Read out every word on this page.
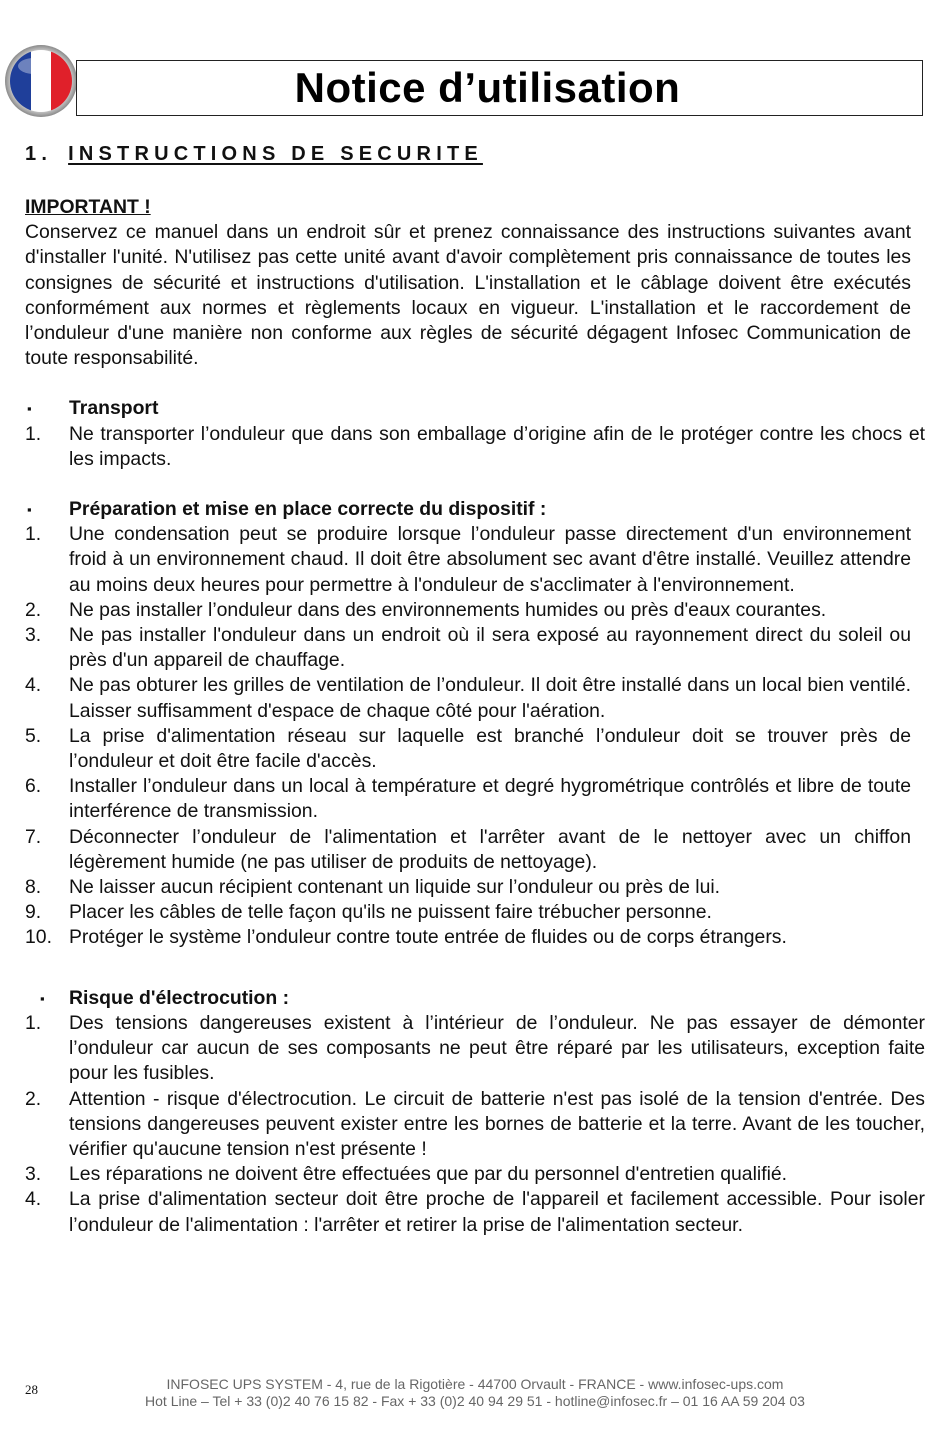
Notice d’utilisation
1. INSTRUCTIONS DE SECURITE

IMPORTANT !

Conservez ce manuel dans un endroit sûr et prenez connaissance des instructions suivantes avant d'installer l'unité. N'utilisez pas cette unité avant d'avoir complètement pris connaissance de toutes les consignes de sécurité et instructions d'utilisation. L'installation et le câblage doivent être exécutés conformément aux normes et règlements locaux en vigueur. L'installation et le raccordement de l’onduleur d'une manière non conforme aux règles de sécurité dégagent Infosec Communication de toute responsabilité.

▪	Transport

1.	Ne transporter l’onduleur que dans son emballage d’origine afin de le protéger contre les chocs et les impacts.

▪	Préparation et mise en place correcte du dispositif :

1.	Une condensation peut se produire lorsque l’onduleur passe directement d'un environnement froid à un environnement chaud. Il doit être absolument sec avant d'être installé. Veuillez attendre au moins deux heures pour permettre à l'onduleur de s'acclimater à l'environnement.
2.	Ne pas installer l’onduleur dans des environnements humides ou près d'eaux courantes.
3.	Ne pas installer l'onduleur dans un endroit où il sera exposé au rayonnement direct du soleil ou près d'un appareil de chauffage.
4.	Ne pas obturer les grilles de ventilation de l’onduleur. Il doit être installé dans un local bien ventilé. Laisser suffisamment d'espace de chaque côté pour l'aération.
5.	La prise d'alimentation réseau sur laquelle est branché l’onduleur doit se trouver près de l’onduleur et doit être facile d'accès.
6.	Installer l’onduleur dans un local à température et degré hygrométrique contrôlés et libre de toute interférence de transmission.
7.	Déconnecter l’onduleur de l'alimentation et l'arrêter avant de le nettoyer avec un chiffon légèrement humide (ne pas utiliser de produits de nettoyage).
8.	Ne laisser aucun récipient contenant un liquide sur l’onduleur ou près de lui.
9.	Placer les câbles de telle façon qu'ils ne puissent faire trébucher personne.
10. Protéger le système l’onduleur contre toute entrée de fluides ou de corps étrangers.

▪	Risque d'électrocution :

1.	Des tensions dangereuses existent à l’intérieur de l’onduleur. Ne pas essayer de démonter l’onduleur car aucun de ses composants ne peut être réparé par les utilisateurs, exception faite pour les fusibles.
2.	Attention - risque d'électrocution. Le circuit de batterie n'est pas isolé de la tension d'entrée. Des tensions dangereuses peuvent exister entre les bornes de batterie et la terre. Avant de les toucher, vérifier qu'aucune tension n'est présente !
3.	Les réparations ne doivent être effectuées que par du personnel d'entretien qualifié.
4.	La prise d'alimentation secteur doit être proche de l'appareil et facilement accessible. Pour isoler l’onduleur de l'alimentation : l'arrêter et retirer la prise de l'alimentation secteur.
28	INFOSEC UPS SYSTEM - 4, rue de la Rigotière - 44700 Orvault - FRANCE - www.infosec-ups.com
Hot Line – Tel + 33 (0)2 40 76 15 82 - Fax + 33 (0)2 40 94 29 51 - hotline@infosec.fr – 01 16 AA 59 204 03
